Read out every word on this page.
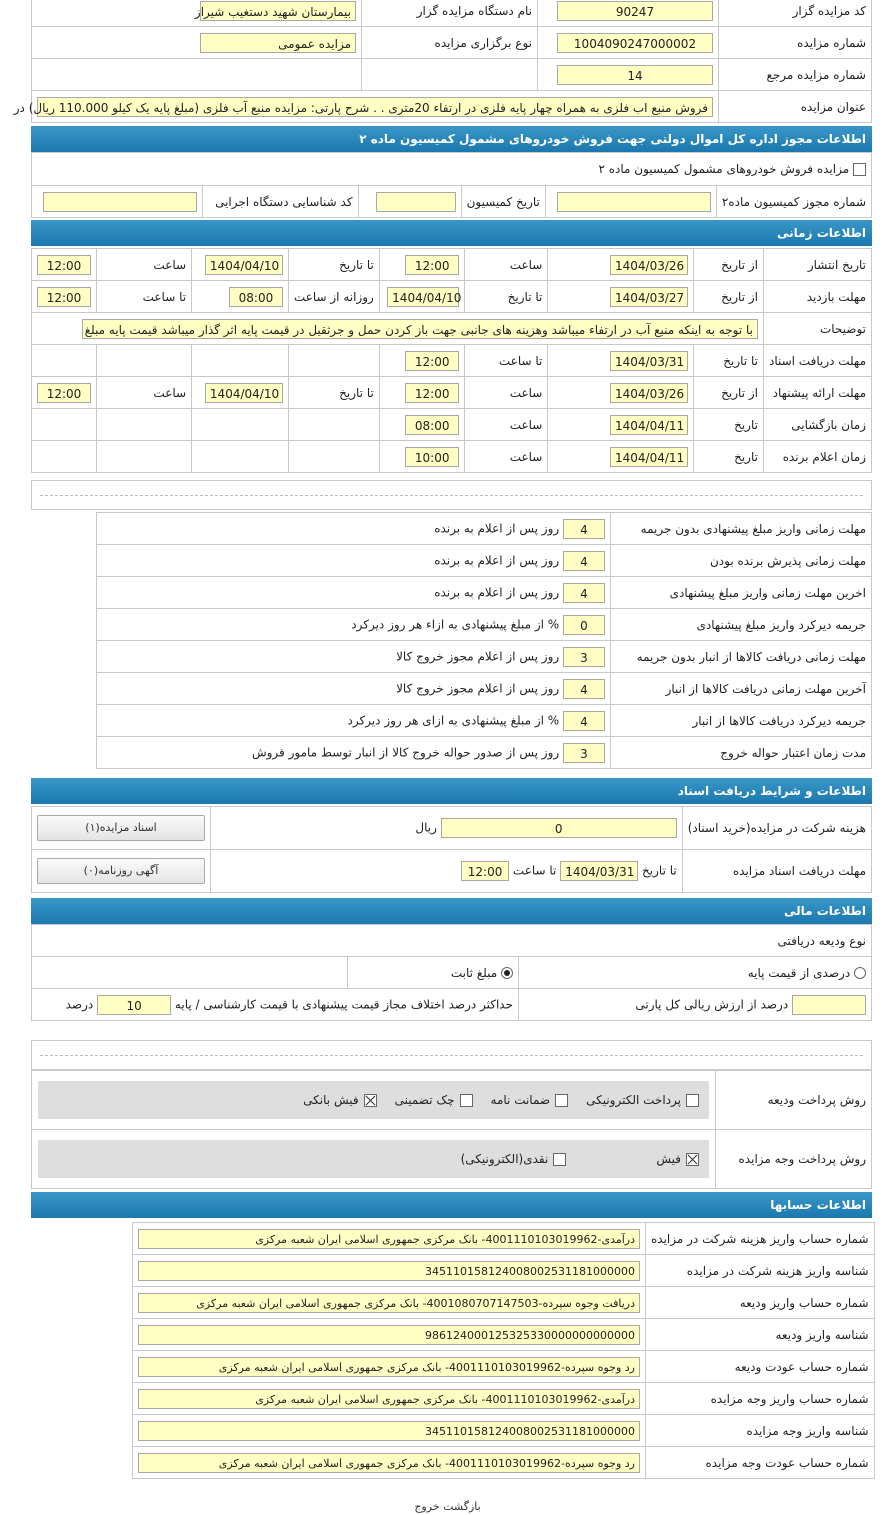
کد مزایده گزار	90247	نام دستگاه مزایده گزار	بیمارستان شهید دستغیب شیراز
شماره مزایده	1004090247000002	نوع برگزاری مزایده	مزایده عمومی
شماره مزایده مرجع	14		
عنوان مزایده	فروش منبع اب فلزی به همراه چهار پایه فلزی در ارتفاء 20متری . . شرح پارتی: مزایده منبع آب فلزی (مبلغ پایه یک کیلو 110.000 ریال) در		
اطلاعات مجوز اداره کل اموال دولتی جهت فروش خودروهای مشمول کمیسیون ماده ۲
مزایده فروش خودروهای مشمول کمیسیون ماده ۲
شماره مجوز کمیسیون ماده۲		تاریخ کمیسیون		کد شناسایی دستگاه اجرایی	
اطلاعات زمانی
تاریخ انتشار	از تاریخ	1404/03/26	ساعت	12:00	تا تاریخ	1404/04/10	ساعت	12:00
مهلت بازدید	از تاریخ	1404/03/27	تا تاریخ	1404/04/10	روزانه از ساعت	08:00	تا ساعت	12:00
توضیحات	با توجه به اینکه منبع آب در ارتفاء میباشد وهزینه های جانبی جهت باز کردن حمل و جرثقیل در قیمت پایه اثر گذار میباشد قیمت پایه مبلغ							
مهلت دریافت اسناد	تا تاریخ	1404/03/31	تا ساعت	12:00				
مهلت ارائه پیشنهاد	از تاریخ	1404/03/26	ساعت	12:00	تا تاریخ	1404/04/10	ساعت	12:00
زمان بازگشایی	تاریخ	1404/04/11	ساعت	08:00				
زمان اعلام برنده	تاریخ	1404/04/11	ساعت	10:00				
مهلت زمانی واریز مبلغ پیشنهادی بدون جریمه	4 روز پس از اعلام به برنده
مهلت زمانی پذیرش برنده بودن	4 روز پس از اعلام به برنده
اخرین مهلت زمانی واریز مبلغ پیشنهادی	4 روز پس از اعلام به برنده
جریمه دیرکرد واریز مبلغ پیشنهادی	0 % از مبلغ پیشنهادی به ازاء هر روز دیرکرد
مهلت زمانی دریافت کالاها از انبار بدون جریمه	3 روز پس از اعلام مجوز خروج کالا
آخرین مهلت زمانی دریافت کالاها از انبار	4 روز پس از اعلام مجوز خروج کالا
جریمه دیرکرد دریافت کالاها از انبار	4 % از مبلغ پیشنهادی به ازای هر روز دیرکرد
مدت زمان اعتبار حواله خروج	3 روز پس از صدور حواله خروج کالا از انبار توسط مامور فروش
اطلاعات و شرایط دریافت اسناد
هزینه شرکت در مزایده(خرید اسناد)	0 ریال	اسناد مزایده(۱)
مهلت دریافت اسناد مزایده	تا تاریخ 1404/03/31 تا ساعت 12:00	آگهی روزنامه(۰)
اطلاعات مالی
نوع ودیعه دریافتی		
درصدی از قیمت پایه	مبلغ ثابت	
درصد از ارزش ریالی کل پارتی	حداکثر درصد اختلاف مجاز قیمت پیشنهادی با قیمت کارشناسی / پایه 10 درصد	
روش پرداخت ودیعه	پرداخت الکترونیکی
ضمانت نامه
چک تضمینی
فیش بانکی

روش پرداخت وجه مزایده	فیش
نقدی(الکترونیکی)
اطلاعات حسابها
شماره حساب واریز هزینه شرکت در مزایده	درآمدی-4001110103019962- بانک مرکزی جمهوری اسلامی ایران شعبه مرکزی
شناسه واریز هزینه شرکت در مزایده	345110158124008002531181000000
شماره حساب واریز ودیعه	دریافت وجوه سپرده-4001080707147503- بانک مرکزی جمهوری اسلامی ایران شعبه مرکزی
شناسه واریز ودیعه	986124000125325330000000000000
شماره حساب عودت ودیعه	رد وجوه سپرده-4001110103019962- بانک مرکزی جمهوری اسلامی ایران شعبه مرکزی
شماره حساب واریز وجه مزایده	درآمدی-4001110103019962- بانک مرکزی جمهوری اسلامی ایران شعبه مرکزی
شناسه واریز وجه مزایده	345110158124008002531181000000
شماره حساب عودت وجه مزایده	رد وجوه سپرده-4001110103019962- بانک مرکزی جمهوری اسلامی ایران شعبه مرکزی
بازگشت خروج
